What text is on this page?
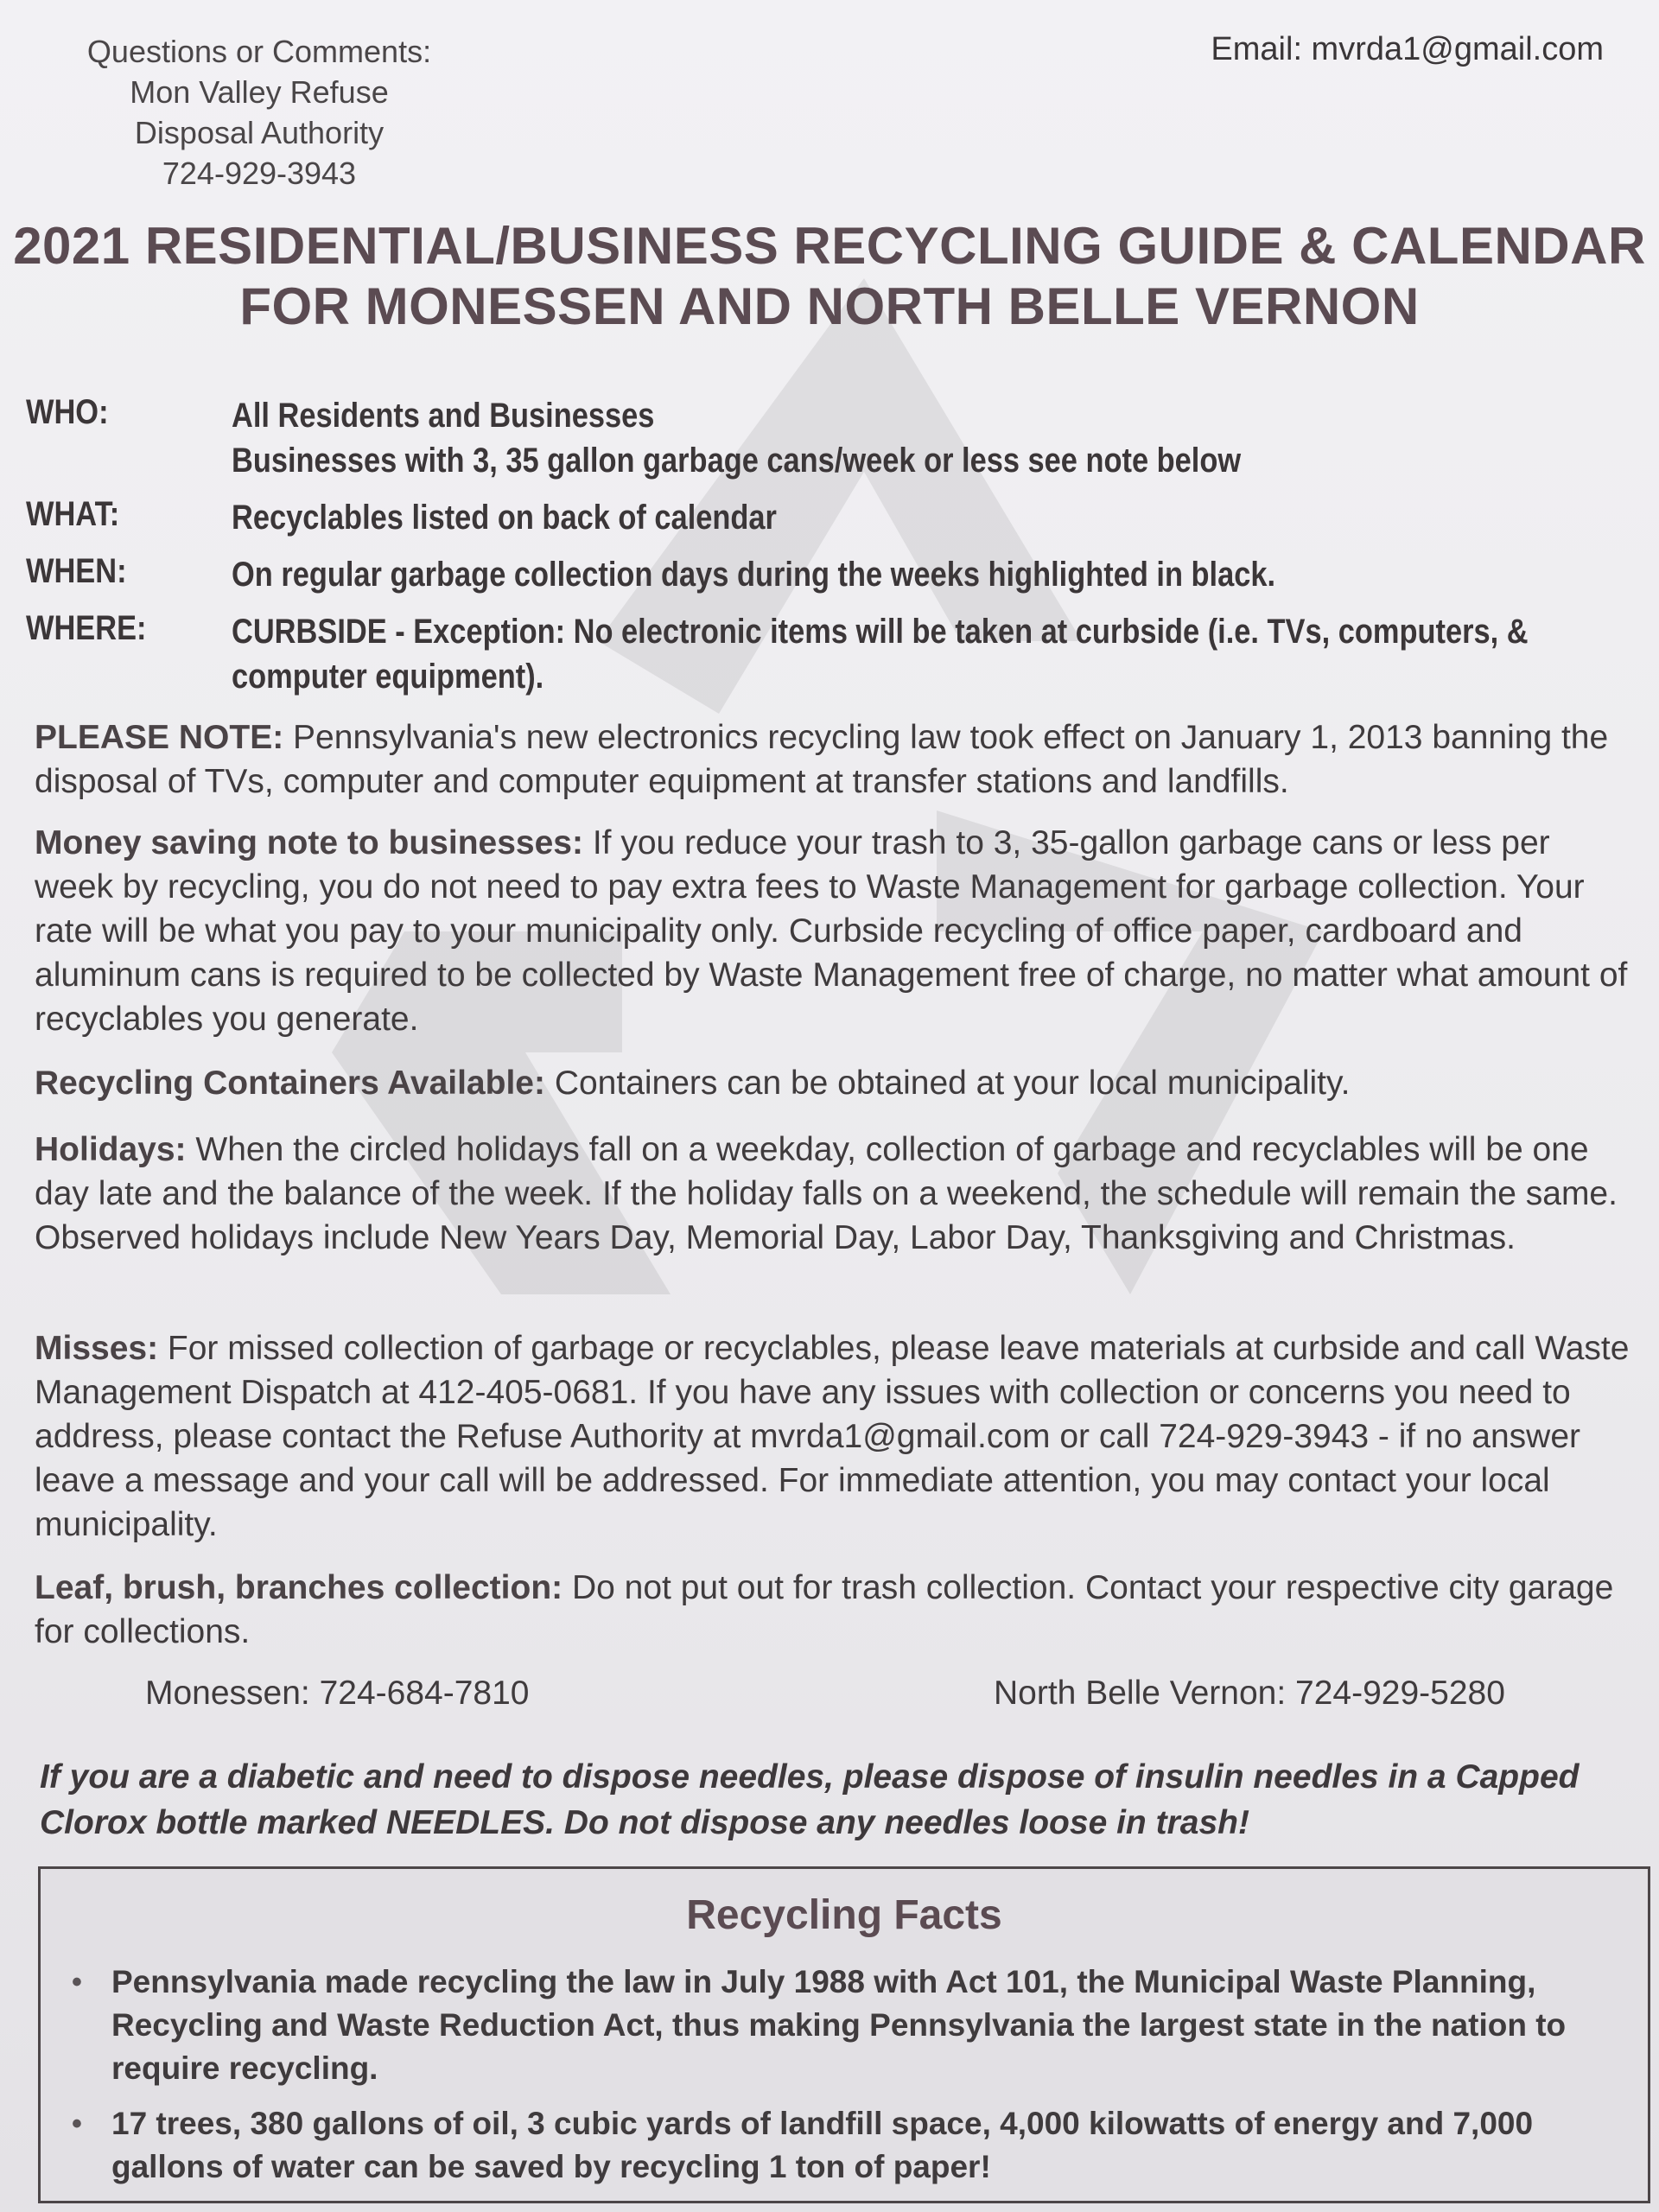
Questions or Comments:
Mon Valley Refuse
Disposal Authority
724-929-3943
Email: mvrda1@gmail.com
2021 RESIDENTIAL/BUSINESS RECYCLING GUIDE & CALENDAR
FOR MONESSEN AND NORTH BELLE VERNON
WHO:	All Residents and Businesses
Businesses with 3, 35 gallon garbage cans/week or less see note below
WHAT:	Recyclables listed on back of calendar
WHEN:	On regular garbage collection days during the weeks highlighted in black.
WHERE:	CURBSIDE - Exception: No electronic items will be taken at curbside (i.e. TVs, computers, &
computer equipment).
PLEASE NOTE: Pennsylvania's new electronics recycling law took effect on January 1, 2013 banning the disposal of TVs, computer and computer equipment at transfer stations and landfills.
Money saving note to businesses: If you reduce your trash to 3, 35-gallon garbage cans or less per week by recycling, you do not need to pay extra fees to Waste Management for garbage collection. Your rate will be what you pay to your municipality only. Curbside recycling of office paper, cardboard and aluminum cans is required to be collected by Waste Management free of charge, no matter what amount of recyclables you generate.
Recycling Containers Available: Containers can be obtained at your local municipality.
Holidays: When the circled holidays fall on a weekday, collection of garbage and recyclables will be one day late and the balance of the week. If the holiday falls on a weekend, the schedule will remain the same. Observed holidays include New Years Day, Memorial Day, Labor Day, Thanksgiving and Christmas.
Misses: For missed collection of garbage or recyclables, please leave materials at curbside and call Waste Management Dispatch at 412-405-0681. If you have any issues with collection or concerns you need to address, please contact the Refuse Authority at mvrda1@gmail.com or call 724-929-3943 - if no answer leave a message and your call will be addressed. For immediate attention, you may contact your local municipality.
Leaf, brush, branches collection: Do not put out for trash collection. Contact your respective city garage for collections.
Monessen: 724-684-7810	North Belle Vernon: 724-929-5280
If you are a diabetic and need to dispose needles, please dispose of insulin needles in a Capped Clorox bottle marked NEEDLES. Do not dispose any needles loose in trash!
Recycling Facts
• Pennsylvania made recycling the law in July 1988 with Act 101, the Municipal Waste Planning, Recycling and Waste Reduction Act, thus making Pennsylvania the largest state in the nation to require recycling.
• 17 trees, 380 gallons of oil, 3 cubic yards of landfill space, 4,000 kilowatts of energy and 7,000 gallons of water can be saved by recycling 1 ton of paper!
